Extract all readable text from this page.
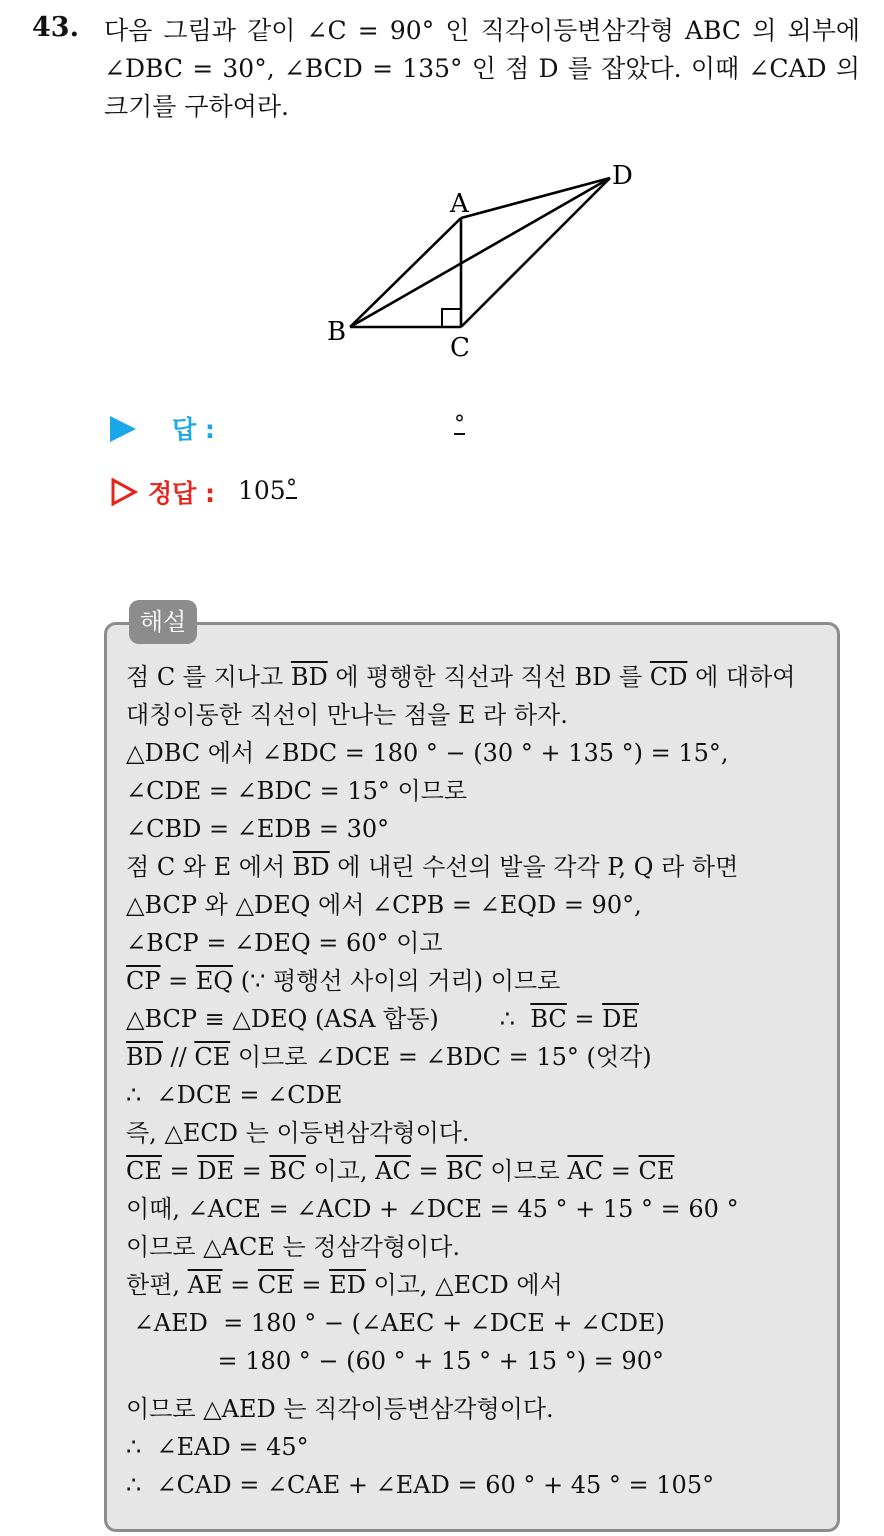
43. 다음 그림과 같이 ∠C = 90° 인 직각이등변삼각형 ABC 의 외부에
∠DBC = 30°, ∠BCD = 135° 인 점 D 를 잡았다. 이때 ∠CAD 의

크기를 구하여라.
A
B
C
D
답 :	°
정답 : 105 °
해설
점 C 를 지나고 $\overline{BD}$ 에 평행한 직선과 직선 BD 를 $\overline{CD}$ 에 대하여
대칭이동한 직선이 만나는 점을 E 라 하자.
△DBC 에서 ∠BDC = 180 ° − (30 ° + 135 °) = 15°,
∠CDE = ∠BDC = 15° 이므로
∠CBD = ∠EDB = 30°
점 C 와 E 에서 $\overline{BD}$ 에 내린 수선의 발을 각각 P, Q 라 하면
△BCP 와 △DEQ 에서 ∠CPB = ∠EQD = 90°,
∠BCP = ∠DEQ = 60° 이고
$\overline{CP} = \overline{EQ}$ (∵ 평행선 사이의 거리) 이므로
△BCP ≡ △DEQ (ASA 합동)        ∴  $\overline{BC} = \overline{DE}$
$\overline{BD} // \overline{CE}$ 이므로 ∠DCE = ∠BDC = 15° (엇각)
∴  ∠DCE = ∠CDE
즉, △ECD 는 이등변삼각형이다.
$\overline{CE} = \overline{DE} = \overline{BC}$ 이고, $\overline{AC} = \overline{BC}$ 이므로 $\overline{AC} = \overline{CE}$
이때, ∠ACE = ∠ACD + ∠DCE = 45 ° + 15 ° = 60 °
이므로 △ACE 는 정삼각형이다.
한편, $\overline{AE} = \overline{CE} = \overline{ED}$ 이고, △ECD 에서
∠AED  = 180 ° − (∠AEC + ∠DCE + ∠CDE)
= 180 ° − (60 ° + 15 ° + 15 °) = 90°
이므로 △AED 는 직각이등변삼각형이다.
∴  ∠EAD = 45°
∴  ∠CAD = ∠CAE + ∠EAD = 60 ° + 45 ° = 105°
